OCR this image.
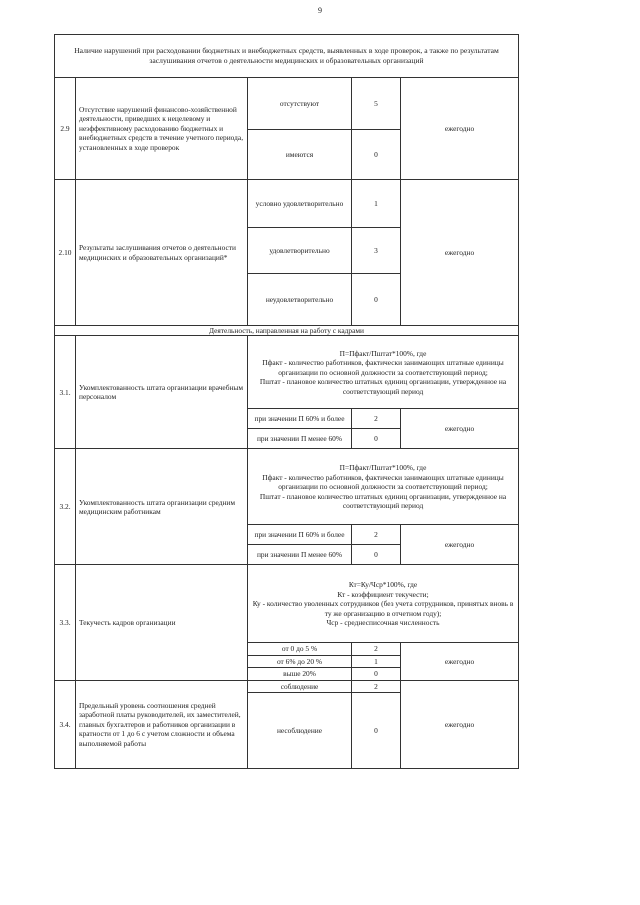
9
Наличие нарушений при расходовании бюджетных и внебюджетных средств, выявленных в ходе проверок, а также по результатам заслушивания отчетов о деятельности медицинских и образовательных организаций				
2.9	Отсутствие нарушений финансово-хозяйственной деятельности, приведших к нецелевому и неэффективному расходованию бюджетных и внебюджетных средств в течение учетного периода, установленных в ходе проверок	отсутствуют	5	ежегодно
		имеются	0	
2.10	Результаты заслушивания отчетов о деятельности медицинских и образовательных организаций*	условно удовлетворительно	1	ежегодно
		удовлетворительно	3	
		неудовлетворительно	0	
Деятельность, направленная на работу с кадрами				
3.1.	Укомплектованность штата организации врачебным персоналом	П=Пфакт/Пштат*100%, где
Пфакт - количество работников, фактически занимающих штатные единицы организации по основной должности за соответствующий период;
Пштат - плановое количество штатных единиц организации, утвержденное на соответствующий период		

		при значении П 60% и более	2	ежегодно
		при значении П менее 60%	0	
3.2.	Укомплектованность штата организации средним медицинским работникам	П=Пфакт/Пштат*100%, где
Пфакт - количество работников, фактически занимающих штатные единицы организации по основной должности за соответствующий период;
Пштат - плановое количество штатных единиц организации, утвержденное на соответствующий период		

		при значении П 60% и более	2	ежегодно
		при значении П менее 60%	0	
3.3.	Текучесть кадров организации	Кт=Ку/Чср*100%, где
Кт - коэффициент текучести;
Ку - количество уволенных сотрудников (без учета сотрудников, принятых вновь в ту же организацию в отчетном году);
Чср - среднесписочная численность		

		от 0 до 5 %	2	ежегодно
		от 6% до 20 %	1	
		выше 20%	0	
3.4.	Предельный уровень соотношения средней заработной платы руководителей, их заместителей, главных бухгалтеров и работников организации в кратности от 1 до 6 с учетом сложности и объема выполняемой работы	соблюдение	2	ежегодно
		несоблюдение	0	
